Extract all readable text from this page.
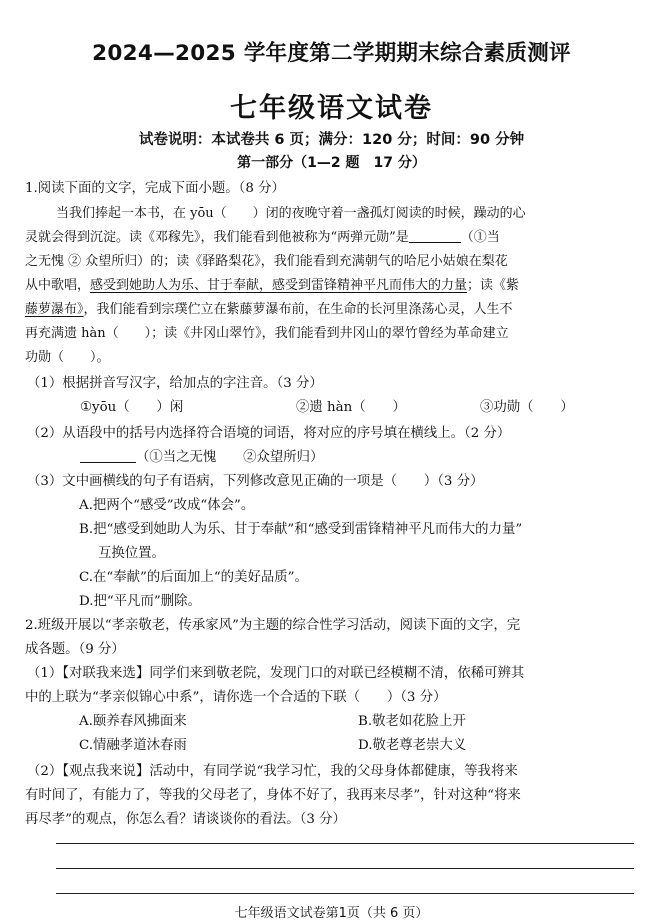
2024—2025 学年度第二学期期末综合素质测评
七年级语文试卷
试卷说明：本试卷共 6 页；满分：120 分；时间：90 分钟
第一部分（1—2 题　17 分）
1.阅读下面的文字，完成下面小题。（8 分）
当我们捧起一本书，在 yōu（　　）闭的夜晚守着一盏孤灯阅读的时候，躁动的心
灵就会得到沉淀。读《邓稼先》，我们能看到他被称为“两弹元勋”是	（①当
之无愧 ② 众望所归）的；读《驿路梨花》，我们能看到充满朝气的哈尼小姑娘在梨花
从中歌唱，感受到她助人为乐、甘于奉献，感受到雷锋精神平凡而伟大的力量；读《紫
藤萝瀑布》，我们能看到宗璞伫立在紫藤萝瀑布前，在生命的长河里涤荡心灵，人生不
再充满遗 hàn（　　）；读《井冈山翠竹》，我们能看到井冈山的翠竹曾经为革命建立
功勋（　　）。
（1）根据拼音写汉字，给加点的字注音。（3 分）
①yōu（　　）闲	②遗 hàn（　　）	③功勋（　　）
（2）从语段中的括号内选择符合语境的词语，将对应的序号填在横线上。（2 分）
（①当之无愧　　②众望所归）
（3）文中画横线的句子有语病，下列修改意见正确的一项是（　　）（3 分）
A.把两个“感受”改成“体会”。
B.把“感受到她助人为乐、甘于奉献”和“感受到雷锋精神平凡而伟大的力量”
互换位置。
C.在“奉献”的后面加上“的美好品质”。
D.把“平凡而”删除。
2.班级开展以“孝亲敬老，传承家风”为主题的综合性学习活动，阅读下面的文字，完
成各题。（9 分）
（1）【对联我来选】同学们来到敬老院，发现门口的对联已经模糊不清，依稀可辨其
中的上联为“孝亲似锦心中系”，请你选一个合适的下联（　　）（3 分）
A.颐养春风拂面来	B.敬老如花脸上开
C.情融孝道沐春雨	D.敬老尊老崇大义
（2）【观点我来说】活动中，有同学说“我学习忙，我的父母身体都健康，等我将来
有时间了，有能力了，等我的父母老了，身体不好了，我再来尽孝”，针对这种“将来
再尽孝”的观点，你怎么看？请谈谈你的看法。（3 分）
七年级语文试卷第1页（共 6 页）
